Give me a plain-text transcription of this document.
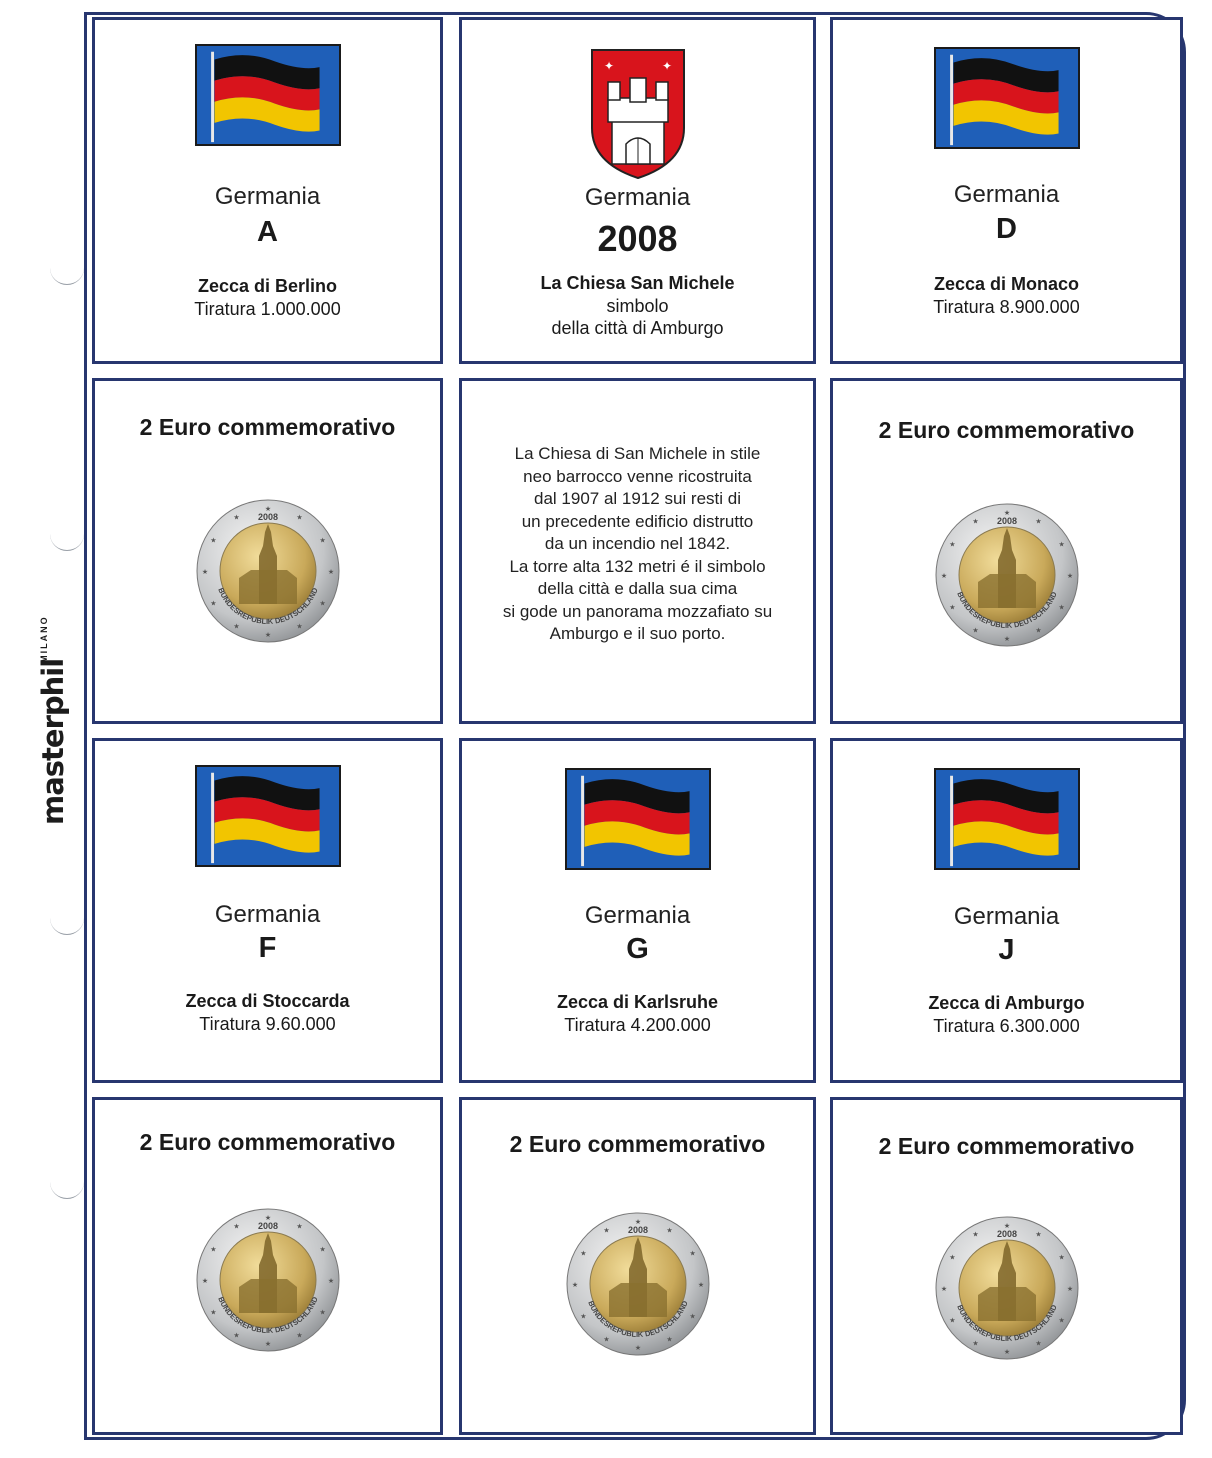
masterphil$^{MILANO}$
Germania
A
Zecca di Berlino
Tiratura 1.000.000
✦	✦
Germania
2008
La Chiesa San Michele
simbolo
della città di Amburgo
Germania
D
Zecca di Monaco
Tiratura 8.900.000
2 Euro commemorativo
★
★
★
★
★
★
★
★
★
★
★
★ 2008
BUNDESREPUBLIK DEUTSCHLAND
La Chiesa di San Michele in stile
neo barrocco venne ricostruita
dal 1907 al 1912 sui resti di
un precedente edificio distrutto
da un incendio nel 1842.
La torre alta 132 metri é il simbolo
della città e dalla sua cima
si gode un panorama mozzafiato su
Amburgo e il suo porto.
2 Euro commemorativo
★
★
★
★
★
★
★
★
★
★
★
★ 2008
BUNDESREPUBLIK DEUTSCHLAND
Germania
F
Zecca di Stoccarda
Tiratura 9.60.000
Germania
G
Zecca di Karlsruhe
Tiratura 4.200.000
Germania
J
Zecca di Amburgo
Tiratura 6.300.000
2 Euro commemorativo
★
★
★
★
★
★
★
★
★
★
★
★ 2008
BUNDESREPUBLIK DEUTSCHLAND
2 Euro commemorativo
★
★
★
★
★
★
★
★
★
★
★
★ 2008
BUNDESREPUBLIK DEUTSCHLAND
2 Euro commemorativo
★
★
★
★
★
★
★
★
★
★
★
★ 2008
BUNDESREPUBLIK DEUTSCHLAND
